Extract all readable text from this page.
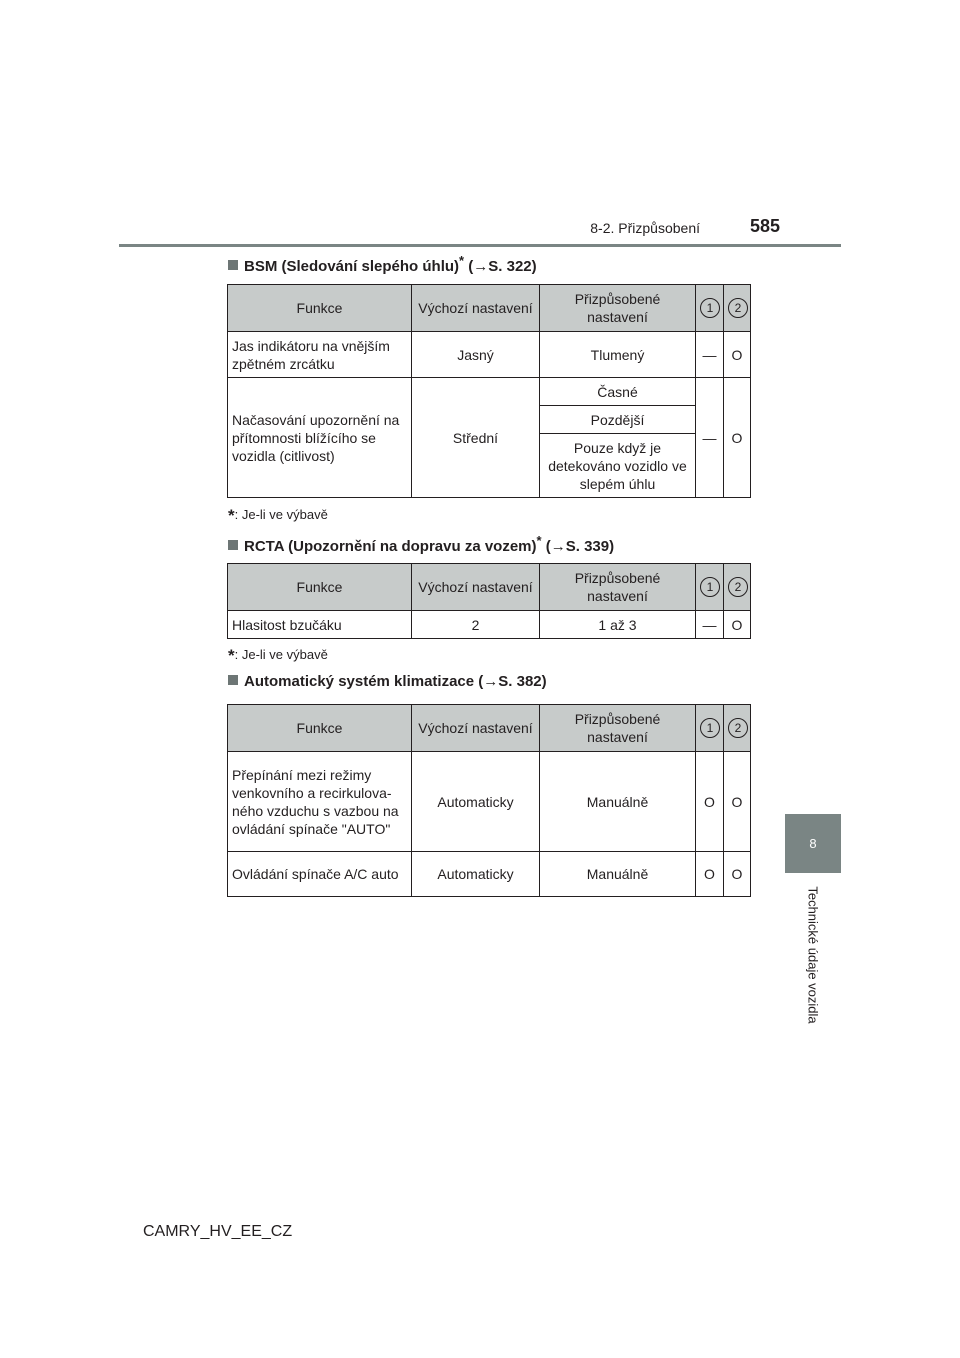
8-2. Přizpůsobení	585
8
Technické údaje vozidla
BSM (Sledování slepého úhlu)* (→S. 322)
Funkce	Výchozí nastavení	Přizpůsobené nastavení	1	2
Jas indikátoru na vnějším zpětném zrcátku	Jasný	Tlumený	—	O
Načasování upozornění na přítomnosti blížícího se vozidla (citlivost)	Střední	Časné	—	O
		Pozdější		
		Pouze když je detekováno vozidlo ve slepém úhlu		
*: Je-li ve výbavě
RCTA (Upozornění na dopravu za vozem)* (→S. 339)
Funkce	Výchozí nastavení	Přizpůsobené nastavení	1	2
Hlasitost bzučáku	2	1 až 3	—	O
*: Je-li ve výbavě
Automatický systém klimatizace (→S. 382)
Funkce	Výchozí nastavení	Přizpůsobené nastavení	1	2
Přepínání mezi režimy venkovního a recirkulova-ného vzduchu s vazbou na ovládání spínače "AUTO"	Automaticky	Manuálně	O	O
Ovládání spínače A/C auto	Automaticky	Manuálně	O	O
CAMRY_HV_EE_CZ
